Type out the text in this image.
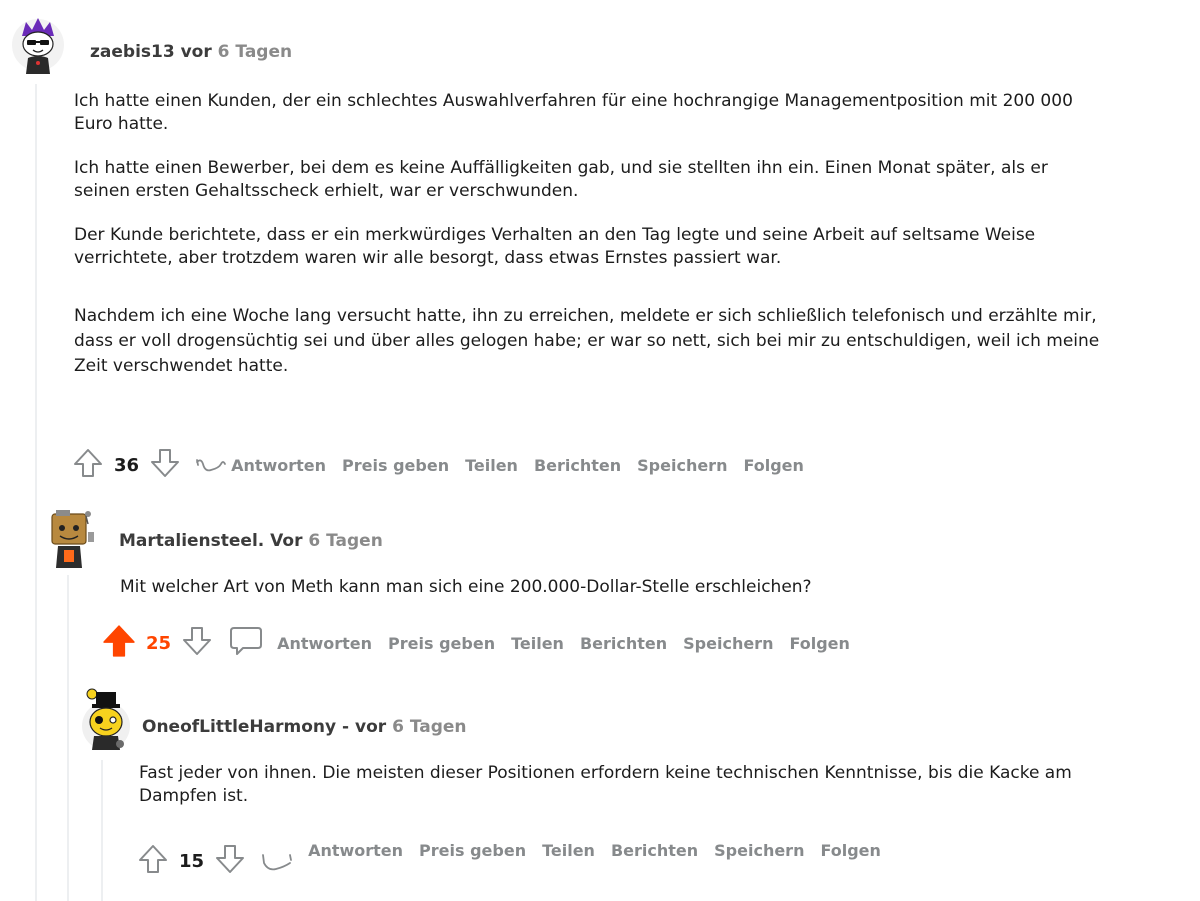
zaebis13 vor 6 Tagen

Ich hatte einen Kunden, der ein schlechtes Auswahlverfahren für eine hochrangige Managementposition mit 200 000 Euro hatte.

Ich hatte einen Bewerber, bei dem es keine Auffälligkeiten gab, und sie stellten ihn ein. Einen Monat später, als er seinen ersten Gehaltsscheck erhielt, war er verschwunden.

Der Kunde berichtete, dass er ein merkwürdiges Verhalten an den Tag legte und seine Arbeit auf seltsame Weise verrichtete, aber trotzdem waren wir alle besorgt, dass etwas Ernstes passiert war.

Nachdem ich eine Woche lang versucht hatte, ihn zu erreichen, meldete er sich schließlich telefonisch und erzählte mir, dass er voll drogensüchtig sei und über alles gelogen habe; er war so nett, sich bei mir zu entschuldigen, weil ich meine Zeit verschwendet hatte.

36	Antworten Preis geben Teilen Berichten Speichern Folgen
Martaliensteel. Vor 6 Tagen

Mit welcher Art von Meth kann man sich eine 200.000-Dollar-Stelle erschleichen?

25	Antworten Preis geben Teilen Berichten Speichern Folgen
OneofLittleHarmony - vor 6 Tagen

Fast jeder von ihnen. Die meisten dieser Positionen erfordern keine technischen Kenntnisse, bis die Kacke am Dampfen ist.

15
Antworten Preis geben Teilen Berichten Speichern Folgen
